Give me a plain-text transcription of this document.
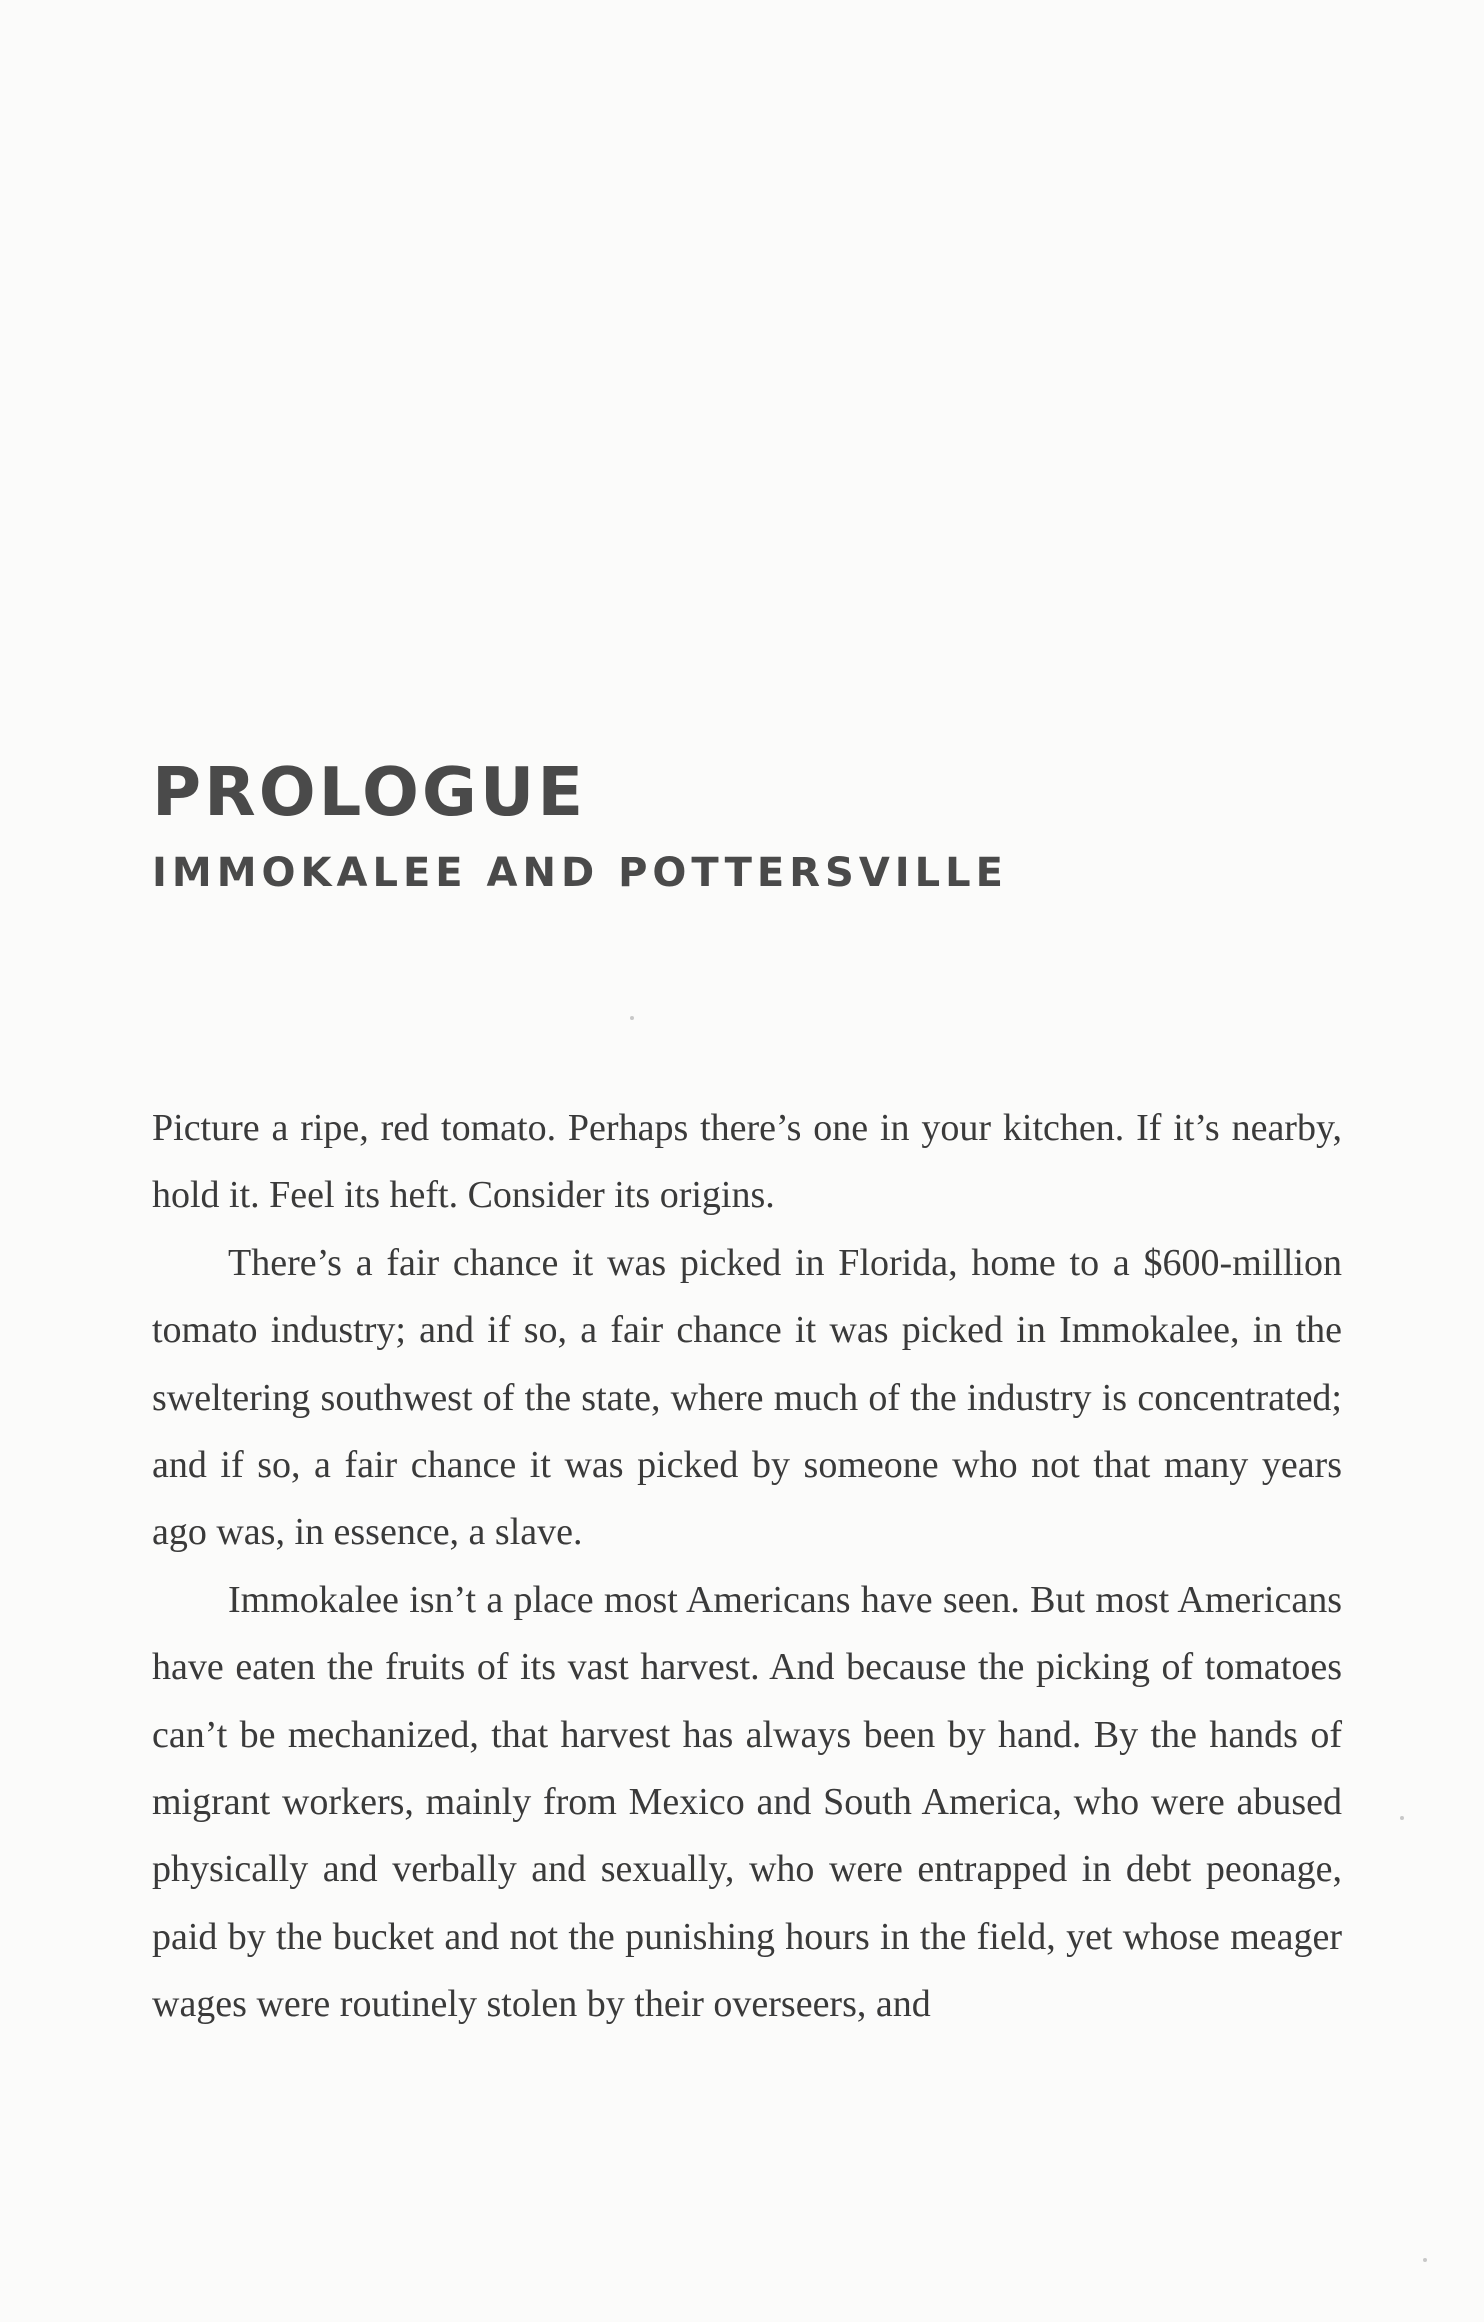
PROLOGUE
IMMOKALEE AND POTTERSVILLE

Picture a ripe, red tomato. Perhaps there’s one in your kitchen. If it’s nearby, hold it. Feel its heft. Consider its origins.

There’s a fair chance it was picked in Florida, home to a $600-million tomato industry; and if so, a fair chance it was picked in Immokalee, in the sweltering southwest of the state, where much of the industry is concentrated; and if so, a fair chance it was picked by someone who not that many years ago was, in essence, a slave.

Immokalee isn’t a place most Americans have seen. But most Americans have eaten the fruits of its vast harvest. And because the picking of tomatoes can’t be mechanized, that harvest has always been by hand. By the hands of migrant workers, mainly from Mexico and South America, who were abused physically and verbally and sexually, who were entrapped in debt peonage, paid by the bucket and not the punishing hours in the field, yet whose meager wages were routinely stolen by their overseers, and
